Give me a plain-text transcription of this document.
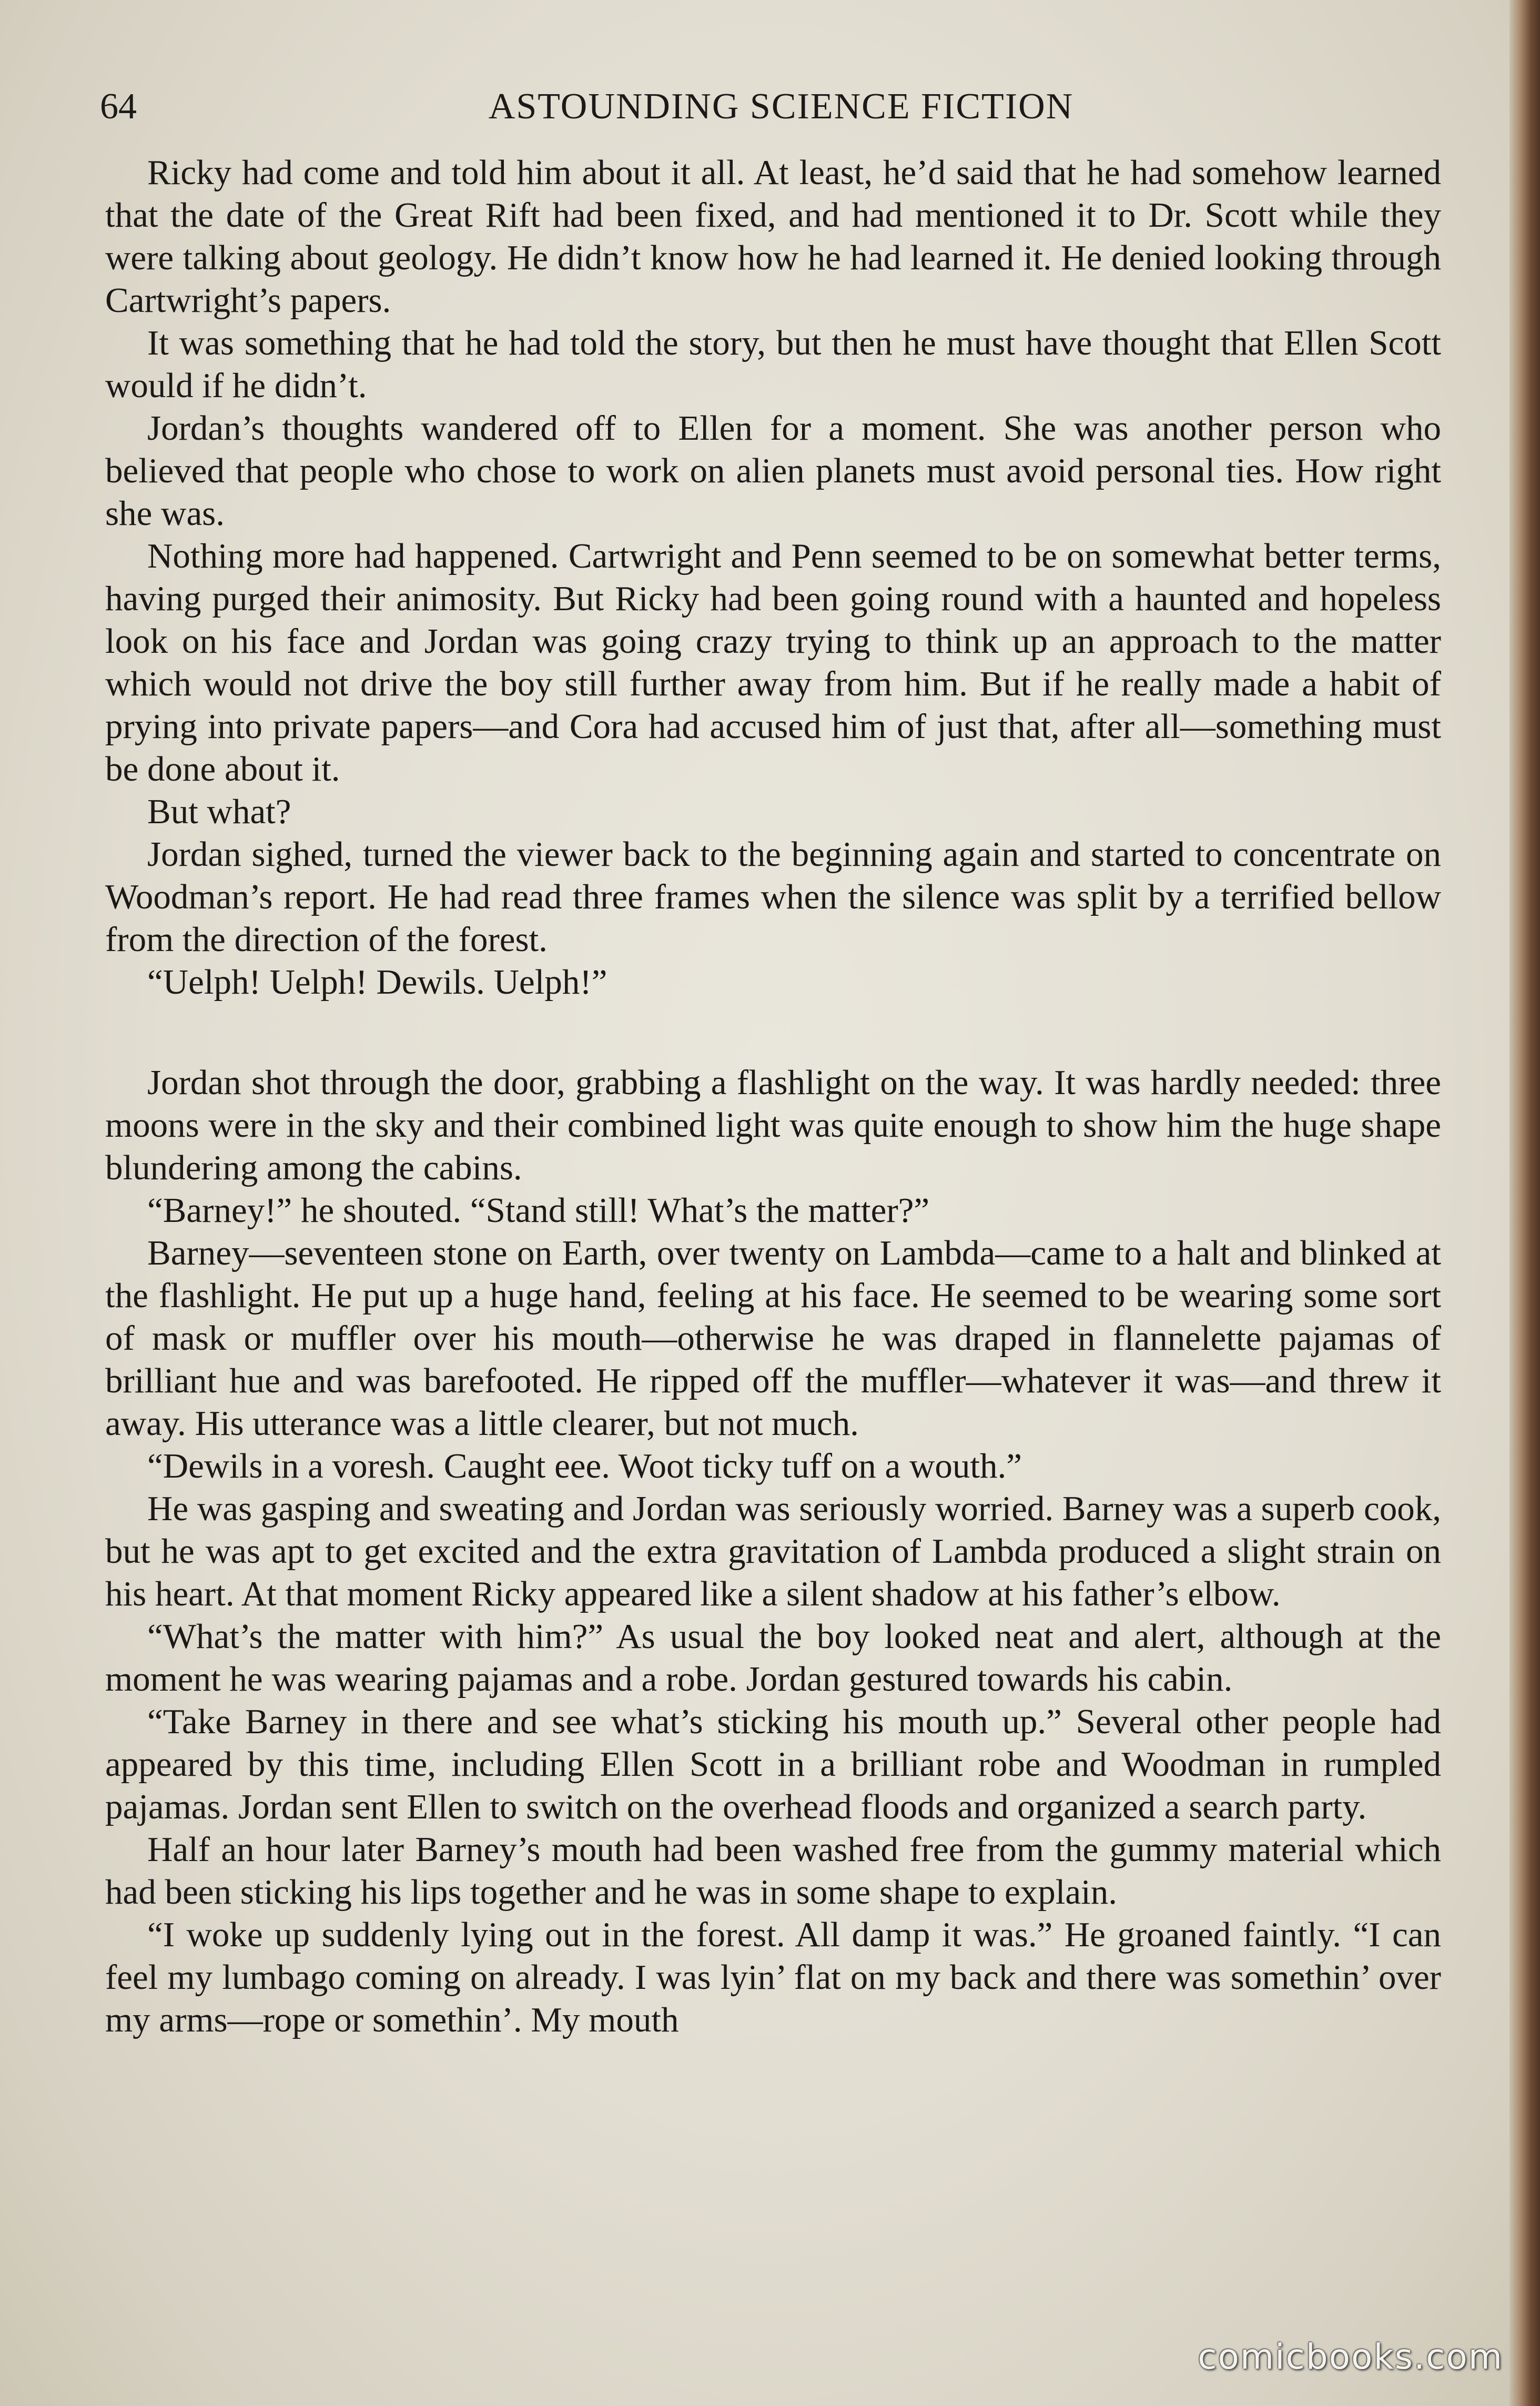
64	ASTOUNDING SCIENCE FICTION

Ricky had come and told him about it all. At least, he’d said that he had somehow learned that the date of the Great Rift had been fixed, and had mentioned it to Dr. Scott while they were talking about geology. He didn’t know how he had learned it. He denied looking through Cartwright’s papers.

It was something that he had told the story, but then he must have thought that Ellen Scott would if he didn’t.

Jordan’s thoughts wandered off to Ellen for a moment. She was another person who believed that people who chose to work on alien planets must avoid personal ties. How right she was.

Nothing more had happened. Cartwright and Penn seemed to be on somewhat better terms, having purged their animosity. But Ricky had been going round with a haunted and hopeless look on his face and Jordan was going crazy trying to think up an approach to the matter which would not drive the boy still further away from him. But if he really made a habit of prying into private papers—and Cora had accused him of just that, after all—something must be done about it.

But what?

Jordan sighed, turned the viewer back to the beginning again and started to concentrate on Woodman’s report. He had read three frames when the silence was split by a terrified bellow from the direction of the forest.

“Uelph! Uelph! Dewils. Uelph!”

Jordan shot through the door, grabbing a flashlight on the way. It was hardly needed: three moons were in the sky and their combined light was quite enough to show him the huge shape blundering among the cabins.

“Barney!” he shouted. “Stand still! What’s the matter?”

Barney—seventeen stone on Earth, over twenty on Lambda—came to a halt and blinked at the flashlight. He put up a huge hand, feeling at his face. He seemed to be wearing some sort of mask or muffler over his mouth—otherwise he was draped in flannelette pajamas of brilliant hue and was barefooted. He ripped off the muffler—whatever it was—and threw it away. His utterance was a little clearer, but not much.

“Dewils in a voresh. Caught eee. Woot ticky tuff on a wouth.”

He was gasping and sweating and Jordan was seriously worried. Barney was a superb cook, but he was apt to get excited and the extra gravitation of Lambda produced a slight strain on his heart. At that moment Ricky appeared like a silent shadow at his father’s elbow.

“What’s the matter with him?” As usual the boy looked neat and alert, although at the moment he was wearing pajamas and a robe. Jordan gestured towards his cabin.

“Take Barney in there and see what’s sticking his mouth up.” Several other people had appeared by this time, including Ellen Scott in a brilliant robe and Woodman in rumpled pajamas. Jordan sent Ellen to switch on the overhead floods and organized a search party.

Half an hour later Barney’s mouth had been washed free from the gummy material which had been sticking his lips together and he was in some shape to explain.

“I woke up suddenly lying out in the forest. All damp it was.” He groaned faintly. “I can feel my lumbago coming on already. I was lyin’ flat on my back and there was somethin’ over my arms—rope or somethin’. My mouth

comicbooks.com
